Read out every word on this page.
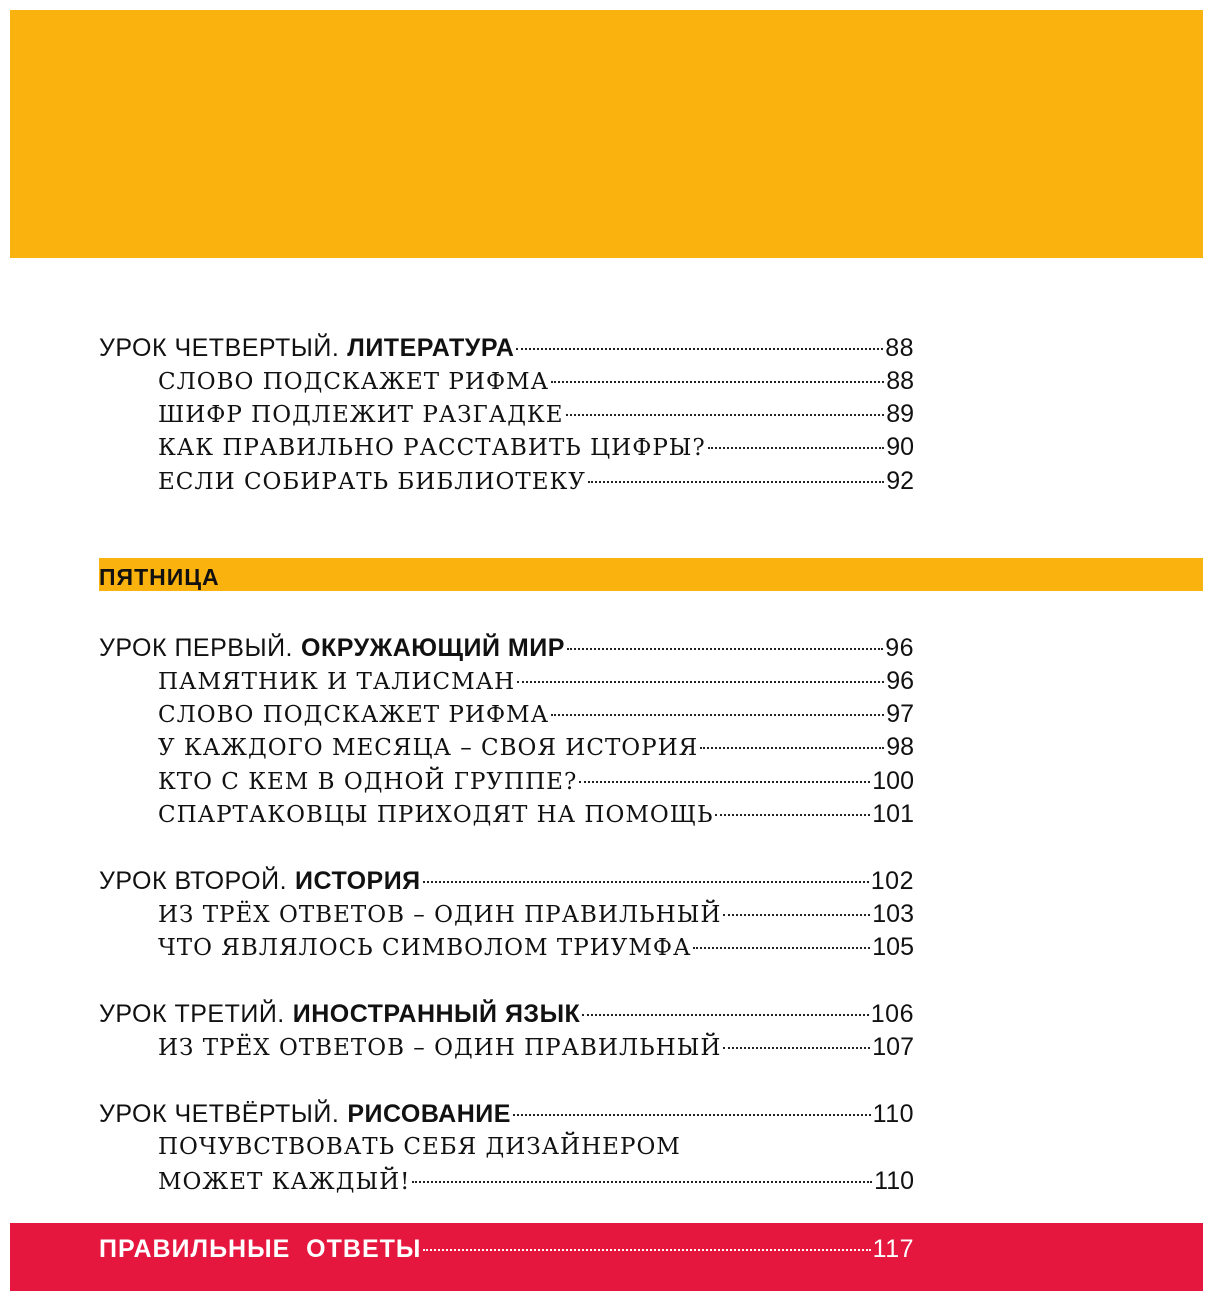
УРОК ЧЕТВЕРТЫЙ. ЛИТЕРАТУРА	88
СЛОВО ПОДСКАЖЕТ РИФМА	88
ШИФР ПОДЛЕЖИТ РАЗГАДКЕ	89
КАК ПРАВИЛЬНО РАССТАВИТЬ ЦИФРЫ?	90
ЕСЛИ СОБИРАТЬ БИБЛИОТЕКУ	92
ПЯТНИЦА
УРОК ПЕРВЫЙ. ОКРУЖАЮЩИЙ МИР	96
ПАМЯТНИК И ТАЛИСМАН	96
СЛОВО ПОДСКАЖЕТ РИФМА	97
У КАЖДОГО МЕСЯЦА – СВОЯ ИСТОРИЯ	98
КТО С КЕМ В ОДНОЙ ГРУППЕ?	100
СПАРТАКОВЦЫ ПРИХОДЯТ НА ПОМОЩЬ	101
УРОК ВТОРОЙ. ИСТОРИЯ	102
ИЗ ТРЁХ ОТВЕТОВ – ОДИН ПРАВИЛЬНЫЙ	103
ЧТО ЯВЛЯЛОСЬ СИМВОЛОМ ТРИУМФА	105
УРОК ТРЕТИЙ. ИНОСТРАННЫЙ ЯЗЫК	106
ИЗ ТРЁХ ОТВЕТОВ – ОДИН ПРАВИЛЬНЫЙ	107
УРОК ЧЕТВЁРТЫЙ. РИСОВАНИЕ	110
ПОЧУВСТВОВАТЬ СЕБЯ ДИЗАЙНЕРОМ
МОЖЕТ КАЖДЫЙ!	110
ПРАВИЛЬНЫЕ ОТВЕТЫ	117
